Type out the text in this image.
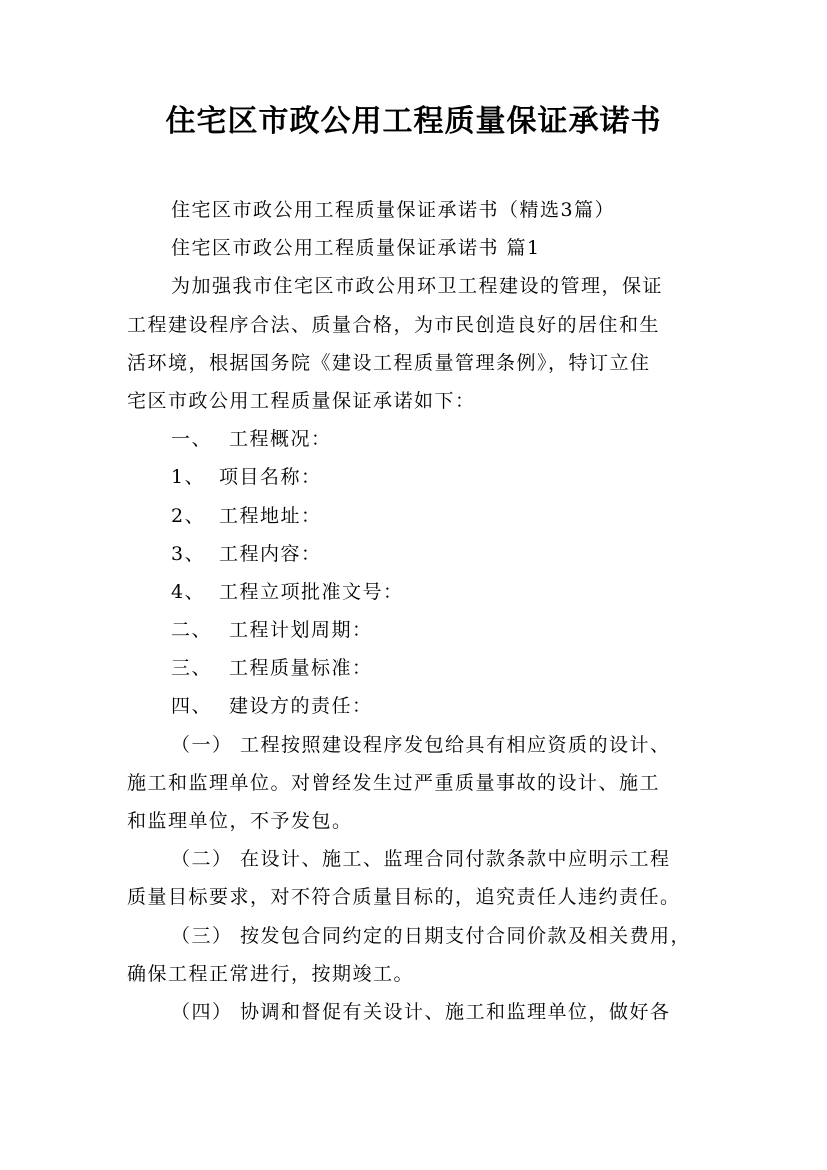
住宅区市政公用工程质量保证承诺书
住宅区市政公用工程质量保证承诺书（精选3篇）
住宅区市政公用工程质量保证承诺书 篇1
为加强我市住宅区市政公用环卫工程建设的管理，保证
工程建设程序合法、质量合格，为市民创造良好的居住和生
活环境，根据国务院《建设工程质量管理条例》，特订立住
宅区市政公用工程质量保证承诺如下：
一、 工程概况：
1、 项目名称：
2、 工程地址：
3、 工程内容：
4、 工程立项批准文号：
二、 工程计划周期：
三、 工程质量标准：
四、 建设方的责任：
（一） 工程按照建设程序发包给具有相应资质的设计、
施工和监理单位。对曾经发生过严重质量事故的设计、施工
和监理单位，不予发包。
（二） 在设计、施工、监理合同付款条款中应明示工程
质量目标要求，对不符合质量目标的，追究责任人违约责任。
（三） 按发包合同约定的日期支付合同价款及相关费用，
确保工程正常进行，按期竣工。
（四） 协调和督促有关设计、施工和监理单位，做好各
